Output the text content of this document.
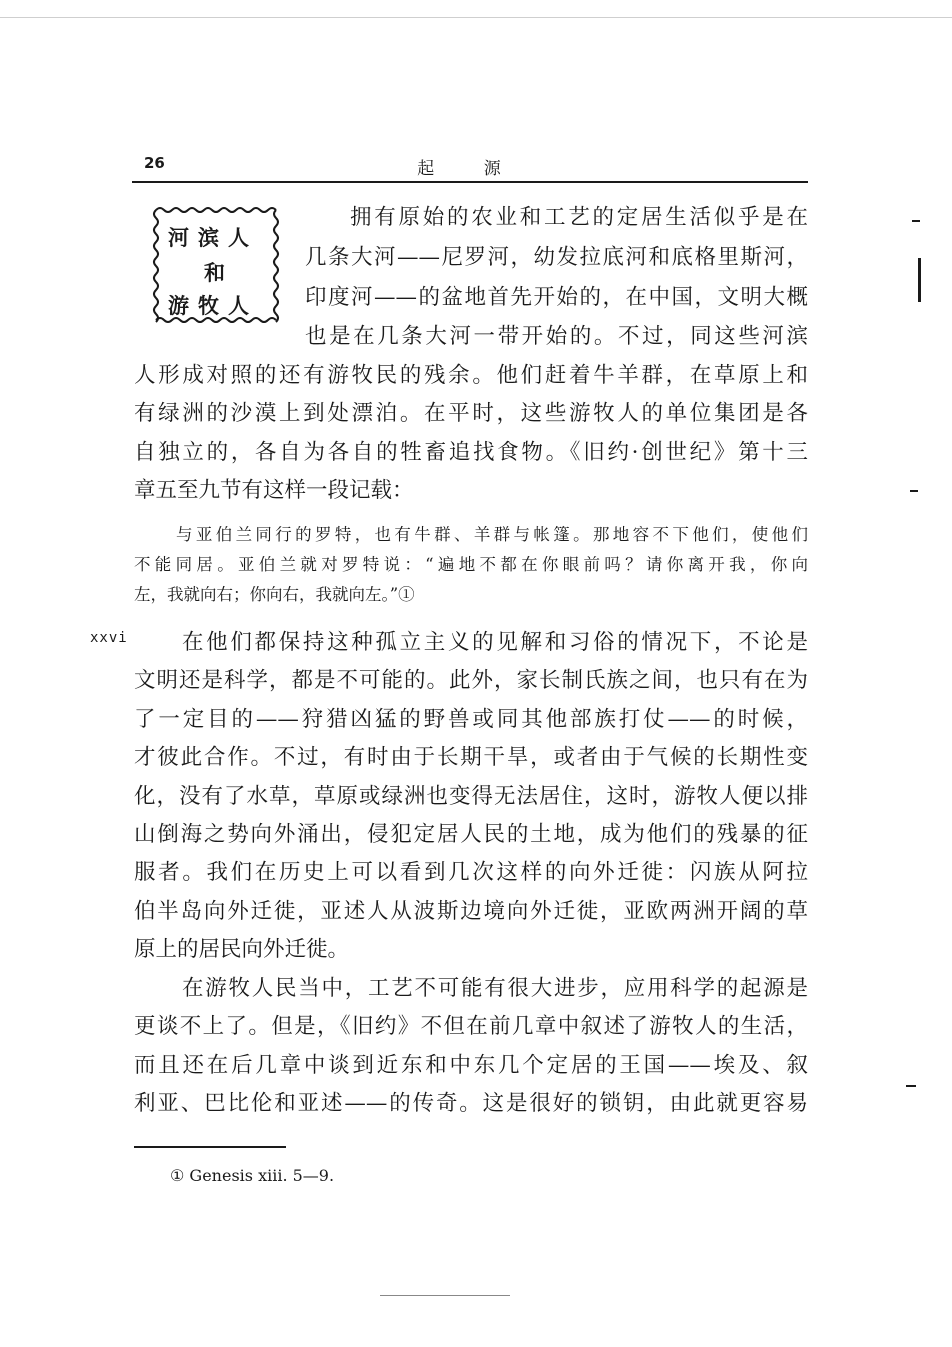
26	起 源
河滨人
和
游牧人
拥有原始的农业和工艺的定居生活似乎是在
几条大河——尼罗河，幼发拉底河和底格里斯河，
印度河——的盆地首先开始的，在中国，文明大概
也是在几条大河一带开始的。不过，同这些河滨
人形成对照的还有游牧民的残余。他们赶着牛羊群，在草原上和
有绿洲的沙漠上到处漂泊。在平时，这些游牧人的单位集团是各
自独立的，各自为各自的牲畜追找食物。《旧约·创世纪》第十三
章五至九节有这样一段记载：
与亚伯兰同行的罗特，也有牛群、羊群与帐篷。那地容不下他们，使他们
不能同居。亚伯兰就对罗特说：“遍地不都在你眼前吗？请你离开我，你向
左，我就向右；你向右，我就向左。”①
在他们都保持这种孤立主义的见解和习俗的情况下，不论是
文明还是科学，都是不可能的。此外，家长制氏族之间，也只有在为
了一定目的——狩猎凶猛的野兽或同其他部族打仗——的时候，
才彼此合作。不过，有时由于长期干旱，或者由于气候的长期性变
化，没有了水草，草原或绿洲也变得无法居住，这时，游牧人便以排
山倒海之势向外涌出，侵犯定居人民的土地，成为他们的残暴的征
服者。我们在历史上可以看到几次这样的向外迁徙：闪族从阿拉
伯半岛向外迁徙，亚述人从波斯边境向外迁徙，亚欧两洲开阔的草
原上的居民向外迁徙。
在游牧人民当中，工艺不可能有很大进步，应用科学的起源是
更谈不上了。但是，《旧约》不但在前几章中叙述了游牧人的生活，
而且还在后几章中谈到近东和中东几个定居的王国——埃及、叙
利亚、巴比伦和亚述——的传奇。这是很好的锁钥，由此就更容易
xxvi
① Genesis xiii. 5—9.
